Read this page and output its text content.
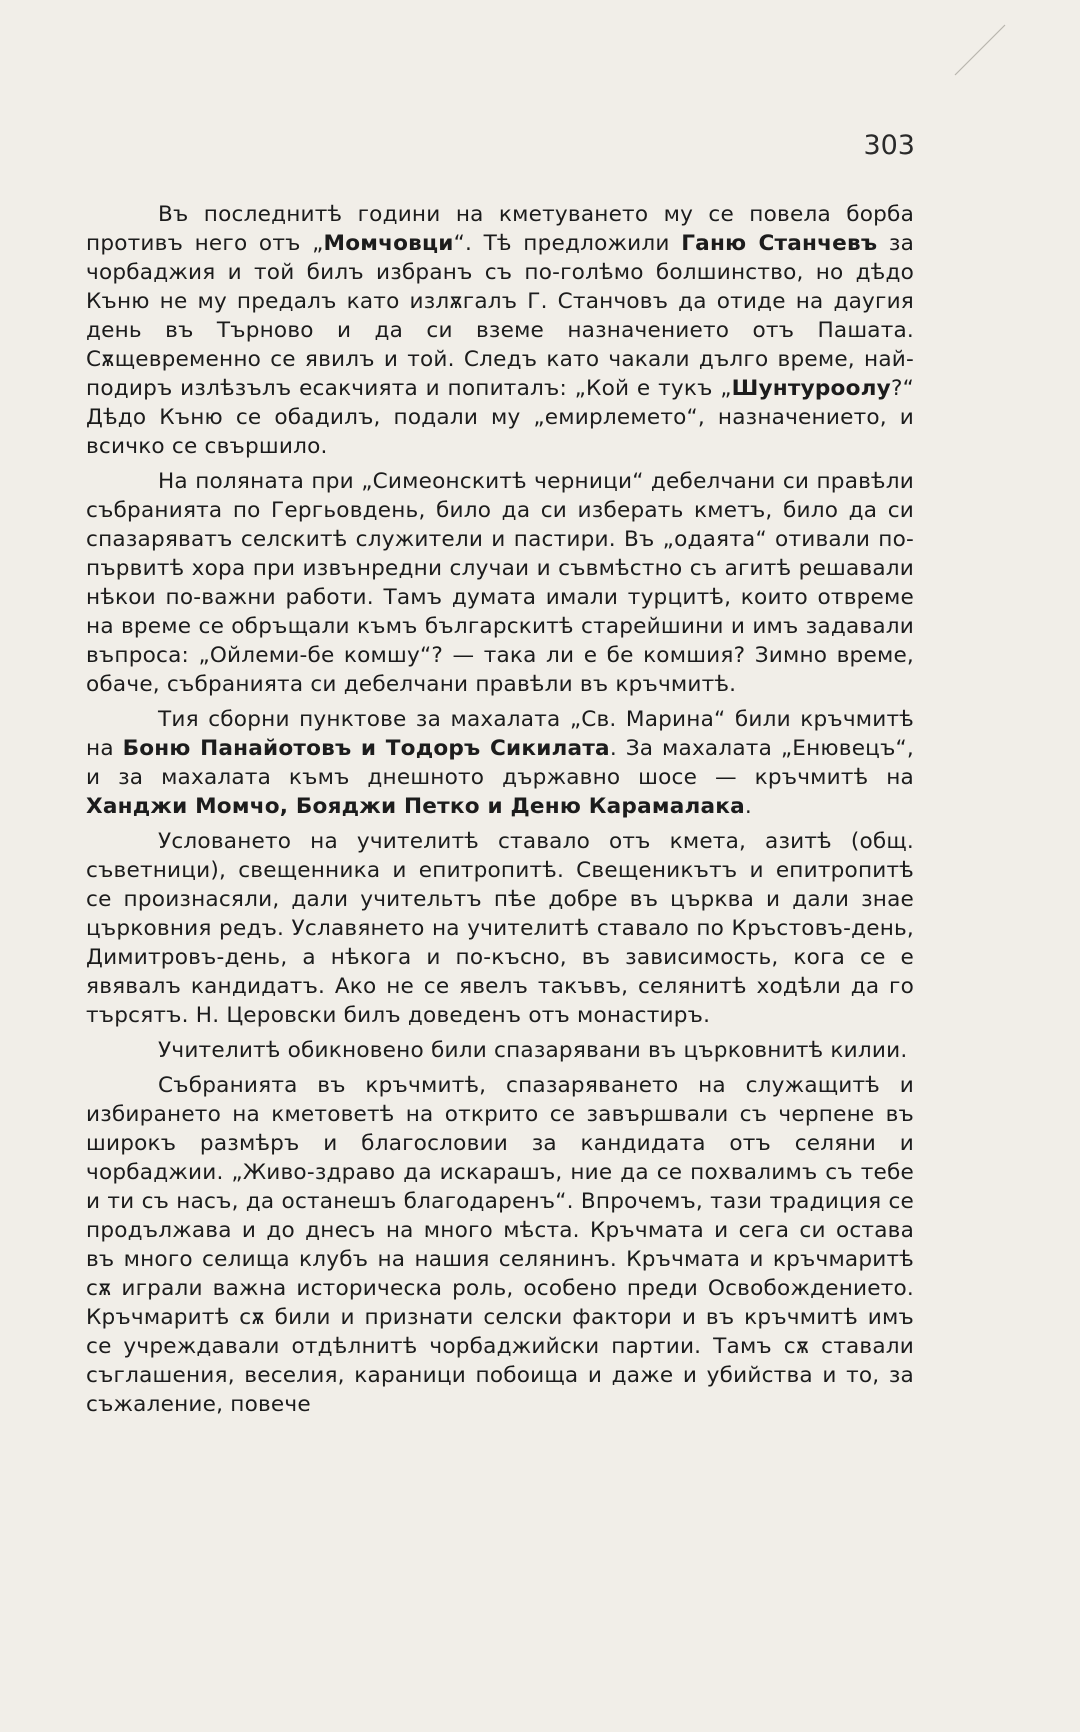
303

Въ последнитѣ години на кметуването му се повела борба противъ него отъ „Момчовци“. Тѣ предложили Ганю Станчевъ за чорбаджия и той билъ избранъ съ по-голѣмо болшинство, но дѣдо Къню не му предалъ като излѫгалъ Г. Станчовъ да отиде на даугия день въ Търново и да си вземе назначението отъ Пашата. Сѫщевременно се явилъ и той. Следъ като чакали дълго време, най-подиръ излѣзълъ есакчията и попиталъ: „Кой е тукъ „Шунтуроолу?“ Дѣдо Къню се обадилъ, подали му „емирлемето“, назначението, и всичко се свършило.

На поляната при „Симеонскитѣ черници“ дебелчани си правѣли събранията по Гергьовдень, било да си изберать кметъ, било да си спазаряватъ селскитѣ служители и пастири. Въ „одаята“ отивали по-първитѣ хора при извънредни случаи и съвмѣстно съ агитѣ решавали нѣкои по-важни работи. Тамъ думата имали турцитѣ, които отвреме на време се обръщали къмъ българскитѣ старейшини и имъ задавали въпроса: „Ойлеми-бе комшу“? — така ли е бе комшия? Зимно време, обаче, събранията си дебелчани правѣли въ кръчмитѣ.

Тия сборни пунктове за махалата „Св. Марина“ били кръчмитѣ на Боню Панайотовъ и Тодоръ Сикилата. За махалата „Енювецъ“, и за махалата къмъ днешното държавно шосе — кръчмитѣ на Ханджи Момчо, Бояджи Петко и Деню Карамалака.

Условането на учителитѣ ставало отъ кмета, азитѣ (общ. съветници), свещенника и епитропитѣ. Свещеникътъ и епитропитѣ се произнасяли, дали учительтъ пѣе добре въ църква и дали знае църковния редъ. Уславянето на учителитѣ ставало по Кръстовъ-день, Димитровъ-день, а нѣкога и по-късно, въ зависимость, кога се е явявалъ кандидатъ. Ако не се явелъ такъвъ, селянитѣ ходѣли да го търсятъ. Н. Церовски билъ доведенъ отъ монастиръ.

Учителитѣ обикновено били спазарявани въ църковнитѣ килии.

Събранията въ кръчмитѣ, спазаряването на служащитѣ и избирането на кметоветѣ на открито се завършвали съ черпене въ широкъ размѣръ и благословии за кандидата отъ селяни и чорбаджии. „Живо-здраво да искарашъ, ние да се похвалимъ съ тебе и ти съ насъ, да останешъ благодаренъ“. Впрочемъ, тази традиция се продължава и до днесъ на много мѣста. Кръчмата и сега си остава въ много селища клубъ на нашия селянинъ. Кръчмата и кръчмаритѣ сѫ играли важна историческа роль, особено преди Освобождението. Кръчмаритѣ сѫ били и признати селски фактори и въ кръчмитѣ имъ се учреждавали отдѣлнитѣ чорбаджийски партии. Тамъ сѫ ставали съглашения, веселия, караници побоища и даже и убийства и то, за съжаление, повече
